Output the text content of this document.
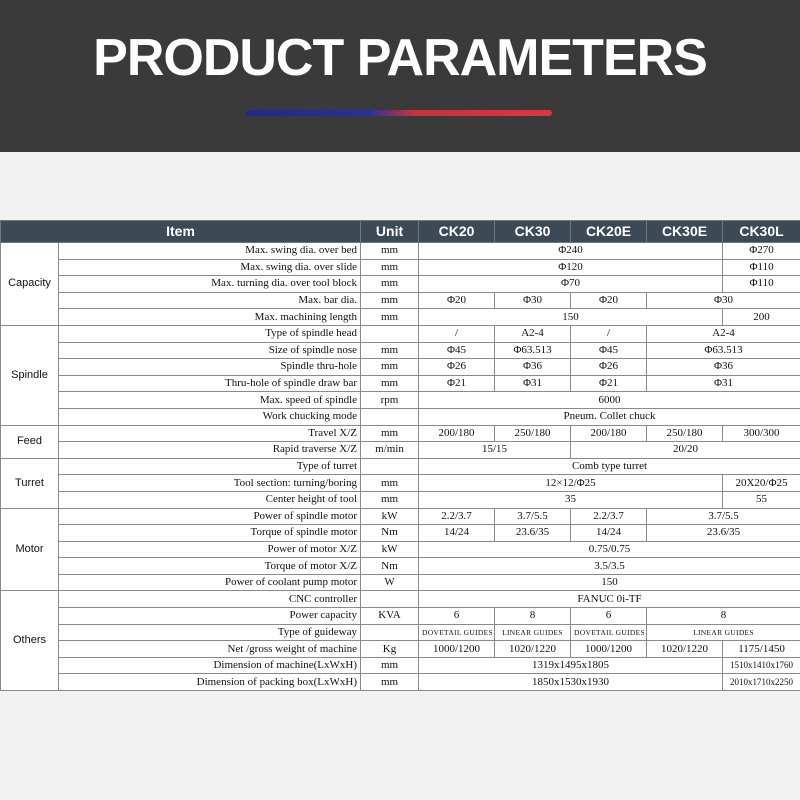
PRODUCT PARAMETERS
Item		Unit	CK20	CK30	CK20E	CK30E	CK30L
Capacity	Max. swing dia. over bed	mm	Φ240				Φ270
	Max. swing dia. over slide	mm	Φ120				Φ110
	Max. turning dia. over tool block	mm	Φ70				Φ110
	Max. bar dia.	mm	Φ20	Φ30	Φ20	Φ30	
	Max. machining length	mm	150				200
Spindle	Type of spindle head		/	A2-4	/	A2-4	
	Size of spindle nose	mm	Φ45	Φ63.513	Φ45	Φ63.513	
	Spindle thru-hole	mm	Φ26	Φ36	Φ26	Φ36	
	Thru-hole of spindle draw bar	mm	Φ21	Φ31	Φ21	Φ31	
	Max. speed of spindle	rpm	6000				
	Work chucking mode		Pneum. Collet chuck				
Feed	Travel X/Z	mm	200/180	250/180	200/180	250/180	300/300
	Rapid traverse X/Z	m/min	15/15		20/20		
Turret	Type of turret		Comb type turret				
	Tool section: turning/boring	mm	12×12/Φ25				20X20/Φ25
	Center height of tool	mm	35				55
Motor	Power of spindle motor	kW	2.2/3.7	3.7/5.5	2.2/3.7	3.7/5.5	
	Torque of spindle motor	Nm	14/24	23.6/35	14/24	23.6/35	
	Power of motor X/Z	kW	0.75/0.75				
	Torque of motor X/Z	Nm	3.5/3.5				
	Power of coolant pump motor	W	150				
Others	CNC controller		FANUC 0i-TF				
	Power capacity	KVA	6	8	6	8	
	Type of guideway		DOVETAIL GUIDES	LINEAR GUIDES	DOVETAIL GUIDES	LINEAR GUIDES	
	Net /gross weight of machine	Kg	1000/1200	1020/1220	1000/1200	1020/1220	1175/1450
	Dimension of machine(LxWxH)	mm	1319x1495x1805				1510x1410x1760
	Dimension of packing box(LxWxH)	mm	1850x1530x1930				2010x1710x2250
